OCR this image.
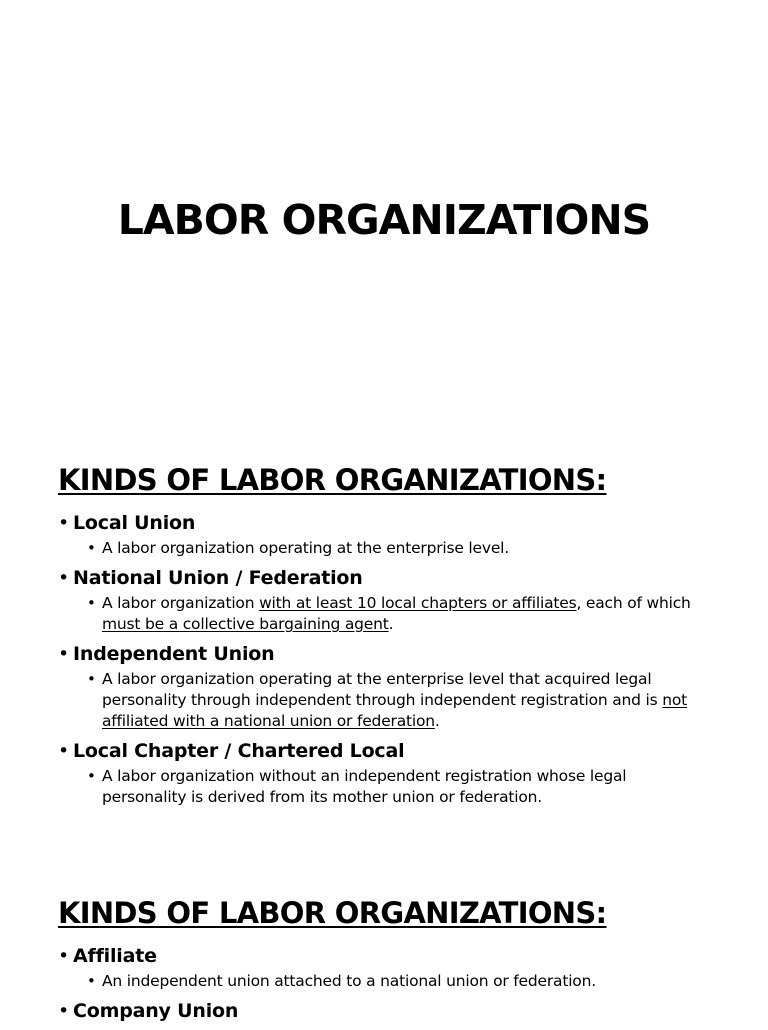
LABOR ORGANIZATIONS
KINDS OF LABOR ORGANIZATIONS:
• Local Union
• A labor organization operating at the enterprise level.
• National Union / Federation
• A labor organization with at least 10 local chapters or affiliates, each of which must be a collective bargaining agent.
• Independent Union
• A labor organization operating at the enterprise level that acquired legal personality through independent through independent registration and is not affiliated with a national union or federation.
• Local Chapter / Chartered Local
• A labor organization without an independent registration whose legal personality is derived from its mother union or federation.
KINDS OF LABOR ORGANIZATIONS:
• Affiliate
• An independent union attached to a national union or federation.
• Company Union
